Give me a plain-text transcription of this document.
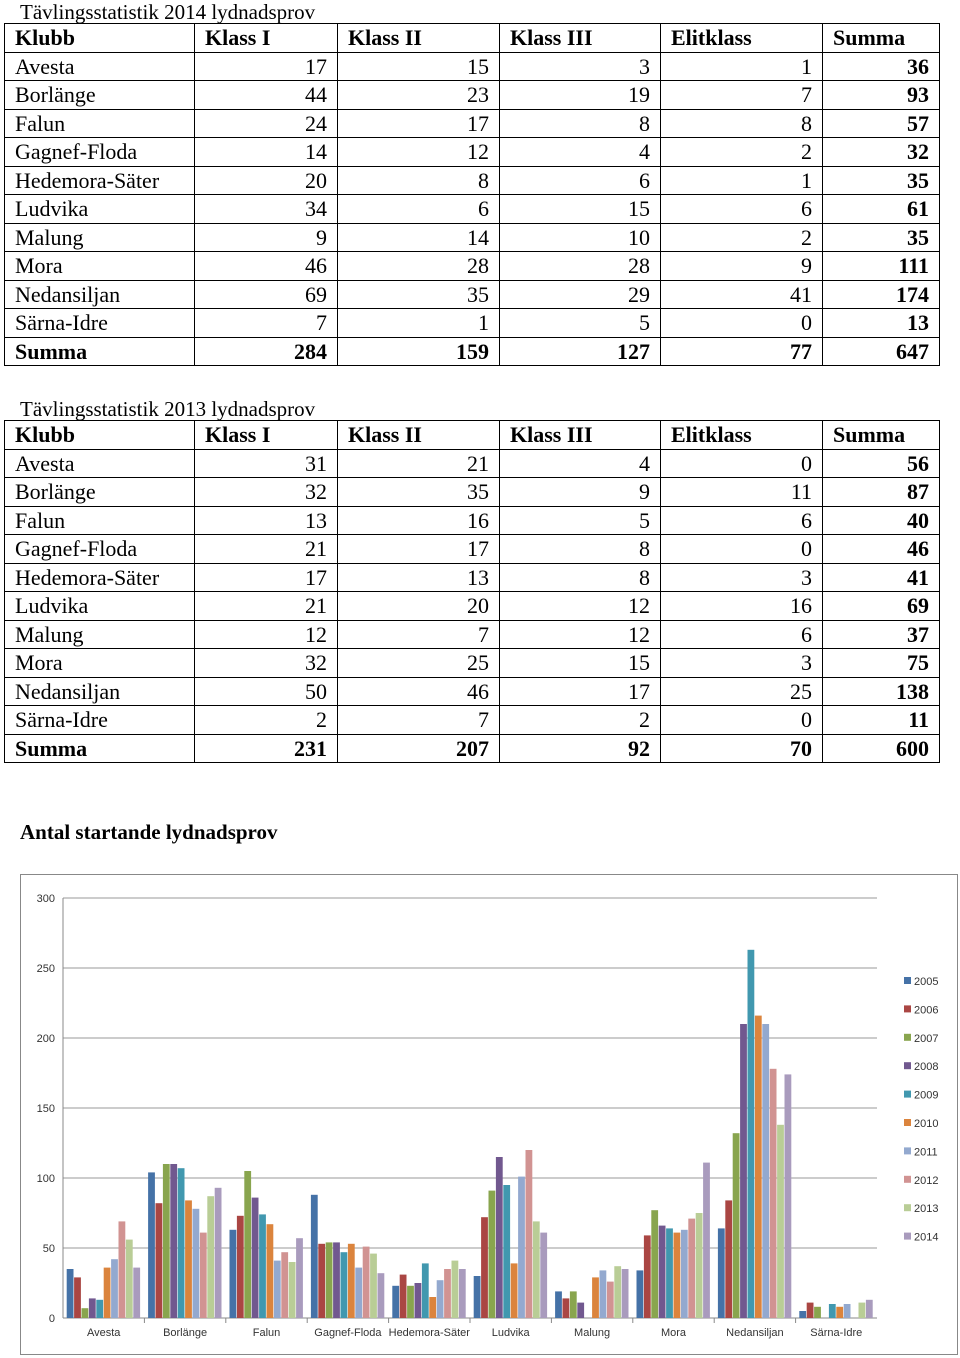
Tävlingsstatistik 2014 lydnadsprov
Klubb	Klass I	Klass II	Klass III	Elitklass	Summa
Avesta	17	15	3	1	36
Borlänge	44	23	19	7	93
Falun	24	17	8	8	57
Gagnef-Floda	14	12	4	2	32
Hedemora-Säter	20	8	6	1	35
Ludvika	34	6	15	6	61
Malung	9	14	10	2	35
Mora	46	28	28	9	111
Nedansiljan	69	35	29	41	174
Särna-Idre	7	1	5	0	13
Summa	284	159	127	77	647
Tävlingsstatistik 2013 lydnadsprov
Klubb	Klass I	Klass II	Klass III	Elitklass	Summa
Avesta	31	21	4	0	56
Borlänge	32	35	9	11	87
Falun	13	16	5	6	40
Gagnef-Floda	21	17	8	0	46
Hedemora-Säter	17	13	8	3	41
Ludvika	21	20	12	16	69
Malung	12	7	12	6	37
Mora	32	25	15	3	75
Nedansiljan	50	46	17	25	138
Särna-Idre	2	7	2	0	11
Summa	231	207	92	70	600
Antal startande lydnadsprov
0
50
100
150
200
250
300
Avesta	Borlänge	Falun	Gagnef-Floda Hedemora-Säter Ludvika	Malung	Mora	Nedansiljan Särna-Idre
2005
2006
2007
2008
2009
2010
2011
2012
2013
2014
